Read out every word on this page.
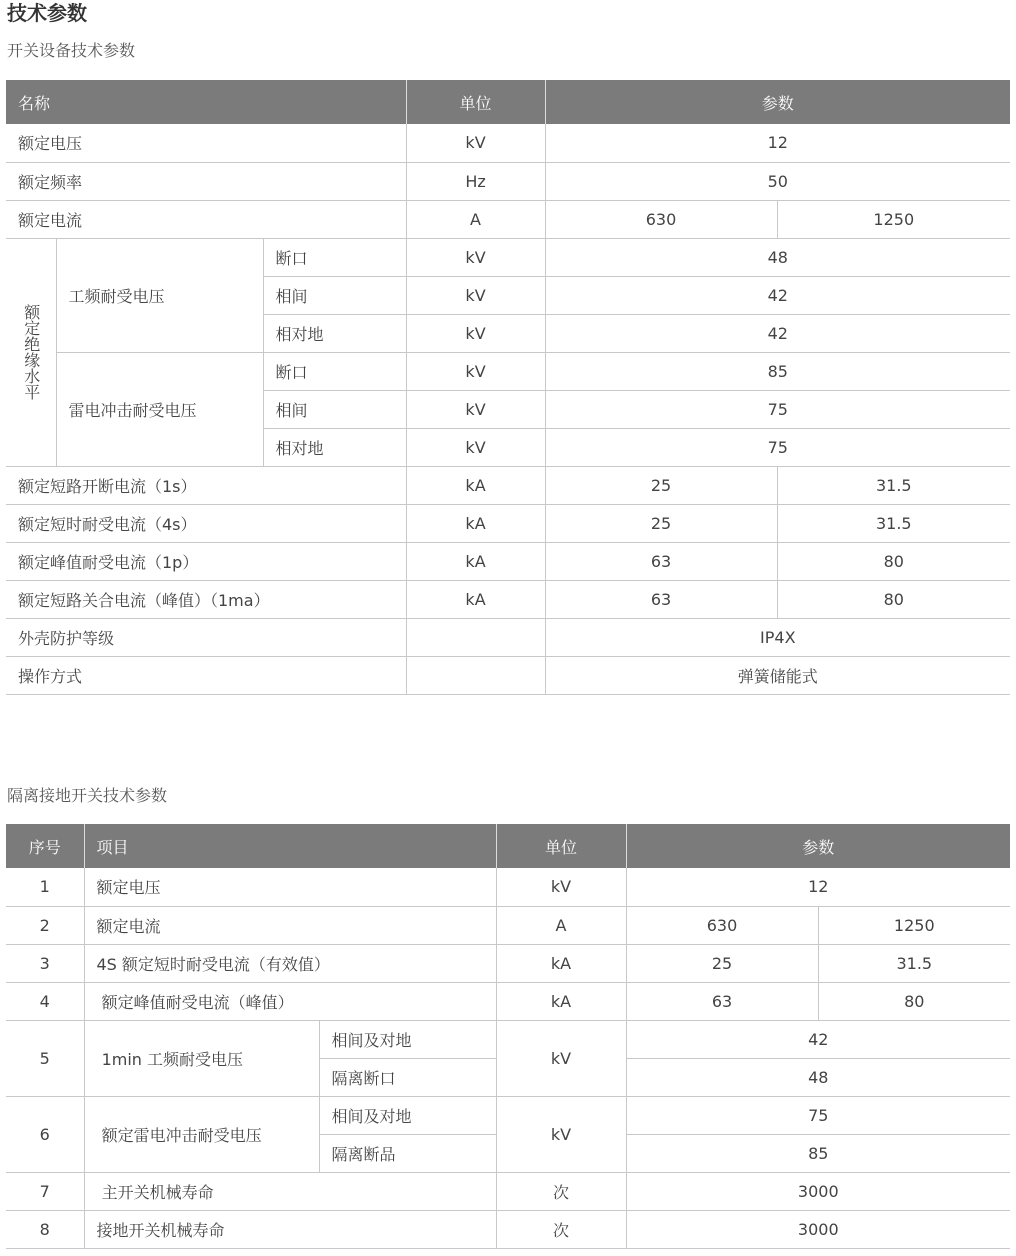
技术参数
开关设备技术参数
名称			单位	参数	
额定电压			kV	12	
额定频率			Hz	50	
额定电流			A	630	1250
额定绝缘水平	工频耐受电压	断口	kV	48	
		相间	kV	42	
		相对地	kV	42	
	雷电冲击耐受电压	断口	kV	85	
		相间	kV	75	
		相对地	kV	75	
额定短路开断电流（1s）			kA	25	31.5
额定短时耐受电流（4s）			kA	25	31.5
额定峰值耐受电流（1p）			kA	63	80
额定短路关合电流（峰值）（1ma）			kA	63	80
外壳防护等级				IP4X	
操作方式				弹簧储能式	
隔离接地开关技术参数
序号	项目		单位	参数	
1	额定电压		kV	12	
2	额定电流		A	630	1250
3	4S 额定短时耐受电流（有效值）		kA	25	31.5
4	额定峰值耐受电流（峰值）		kA	63	80
5	1min 工频耐受电压	相间及对地	kV	42	
		隔离断口		48	
6	额定雷电冲击耐受电压	相间及对地	kV	75	
		隔离断品		85	
7	主开关机械寿命		次	3000	
8	接地开关机械寿命		次	3000	
